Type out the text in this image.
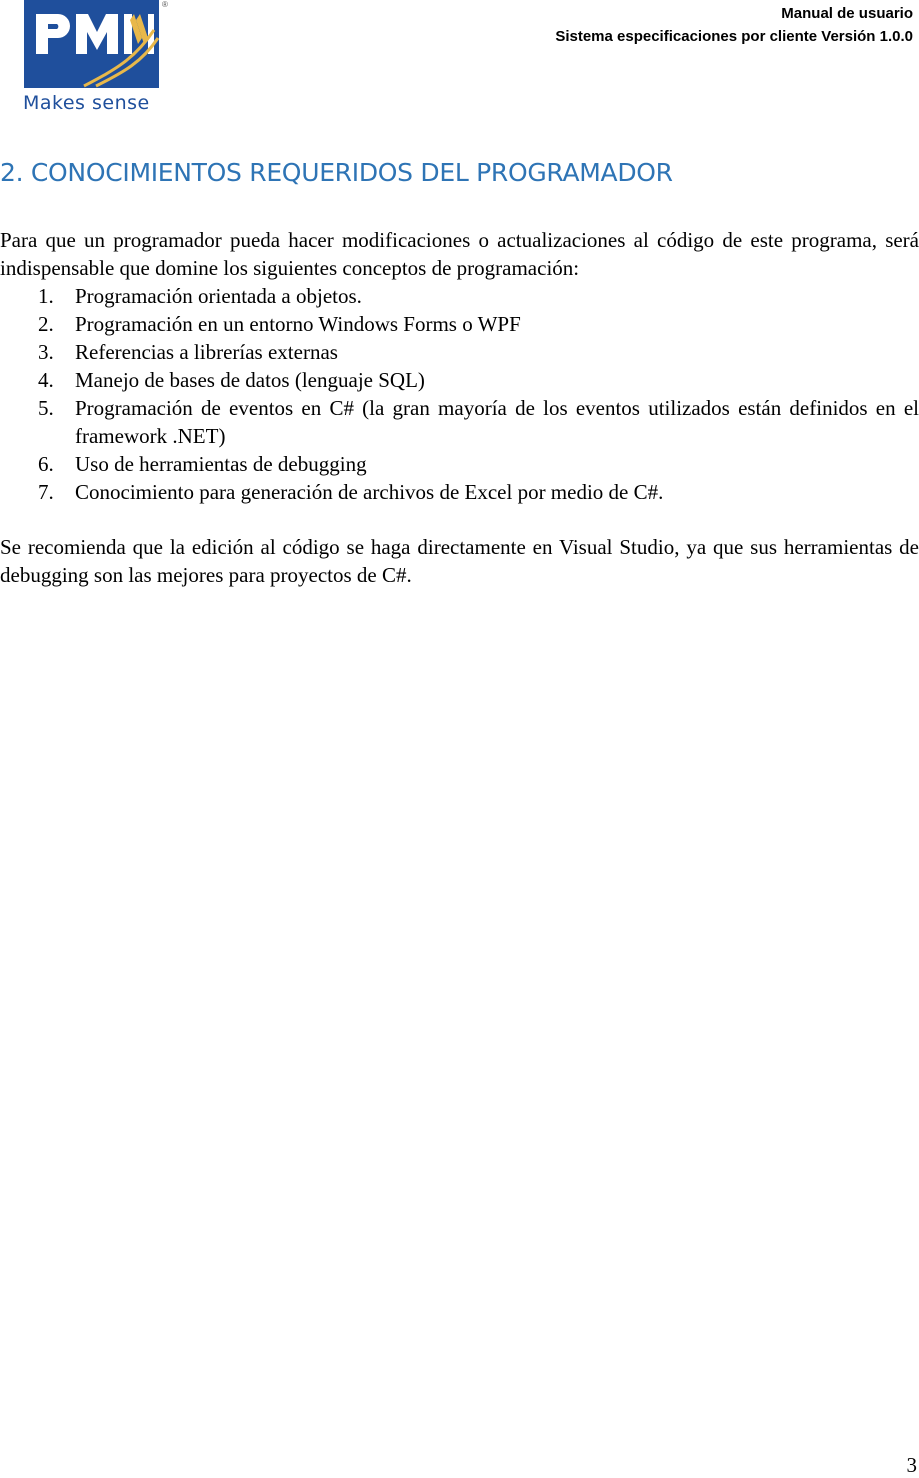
®
Makes sense
Manual de usuario
Sistema especificaciones por cliente Versión 1.0.0
2. CONOCIMIENTOS REQUERIDOS DEL PROGRAMADOR

Para que un programador pueda hacer modificaciones o actualizaciones al código de este programa, será indispensable que domine los siguientes conceptos de programación:

1. Programación orientada a objetos.
2. Programación en un entorno Windows Forms o WPF
3. Referencias a librerías externas
4. Manejo de bases de datos (lenguaje SQL)
5. Programación de eventos en C# (la gran mayoría de los eventos utilizados están definidos en el framework .NET)
6. Uso de herramientas de debugging
7. Conocimiento para generación de archivos de Excel por medio de C#.

Se recomienda que la edición al código se haga directamente en Visual Studio, ya que sus herramientas de debugging son las mejores para proyectos de C#.

3
